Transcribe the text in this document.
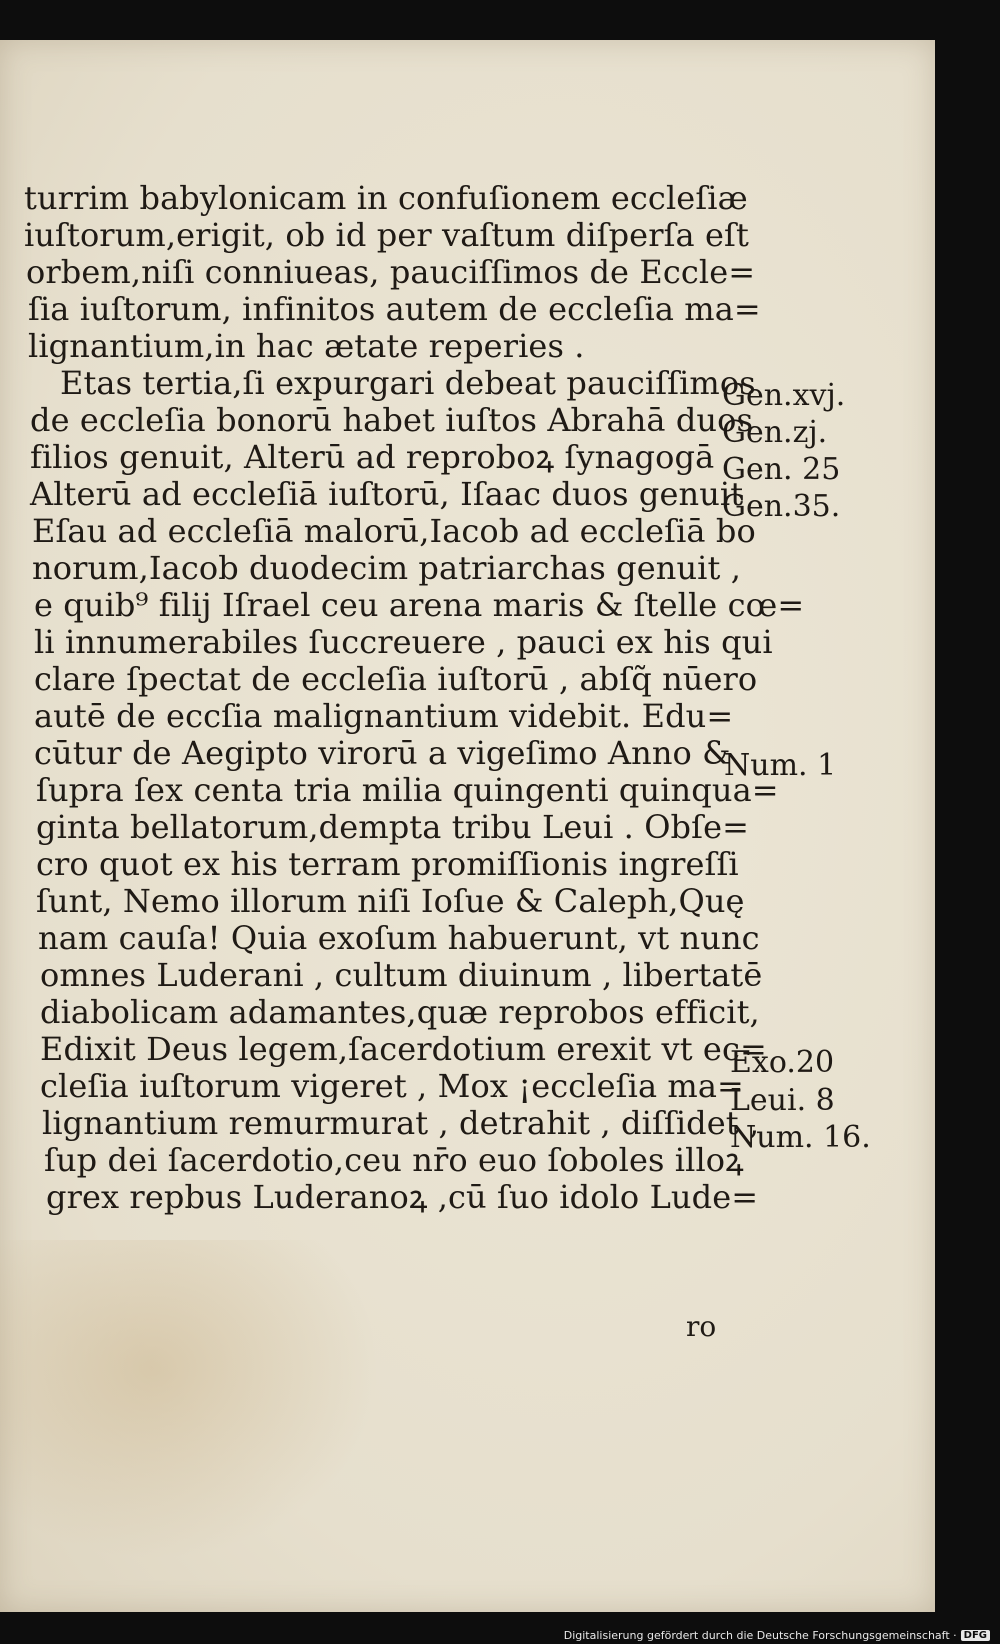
turrim babylonicam in confuſionem eccleſiæ
iuſtorum,erigit, ob id per vaſtum diſperſa eſt
orbem,niſi conniueas, pauciſſimos de Eccle=
ſia iuſtorum, infinitos autem de eccleſia ma=
lignantium,in hac ætate reperies .
Etas tertia,ſi expurgari debeat pauciſſimos
de eccleſia bonorū habet iuſtos Abrahā duos
filios genuit, Alterū ad reproboꝝ ſynagogā
Alterū ad eccleſiā iuſtorū, Iſaac duos genuit
Eſau ad eccleſiā malorū,Iacob ad eccleſiā bo
norum,Iacob duodecim patriarchas genuit ,
e quib⁹ filij Iſrael ceu arena maris & ſtelle cœ=
li innumerabiles ſuccreuere , pauci ex his qui
clare ſpectat de eccleſia iuſtorū , abſq̃ nūero
autē de eccſia malignantium videbit. Edu=
cūtur de Aegipto virorū a vigeſimo Anno &
ſupra ſex centa tria milia quingenti quinqua=
ginta bellatorum,dempta tribu Leui . Obſe=
cro quot ex his terram promiſſionis ingreſſi
ſunt, Nemo illorum niſi Ioſue & Caleph,Quę
nam cauſa! Quia exoſum habuerunt, vt nunc
omnes Luderani , cultum diuinum , libertatē
diabolicam adamantes,quæ reprobos efficit,
Edixit Deus legem,ſacerdotium erexit vt ec=
cleſia iuſtorum vigeret , Mox ¡eccleſia ma=
lignantium remurmurat , detrahit , diſſidet ,
ſup dei ſacerdotio,ceu nr̄o euo ſoboles illoꝝ
grex repbus Luderanoꝝ ,cū ſuo idolo Lude=
Gen.xvj.
Gen.zj.
Gen. 25
Gen.35.
Num. 1
Exo.20
Leui. 8
Num. 16.
ro
Digitalisierung gefördert durch die Deutsche Forschungsgemeinschaft · DFG
